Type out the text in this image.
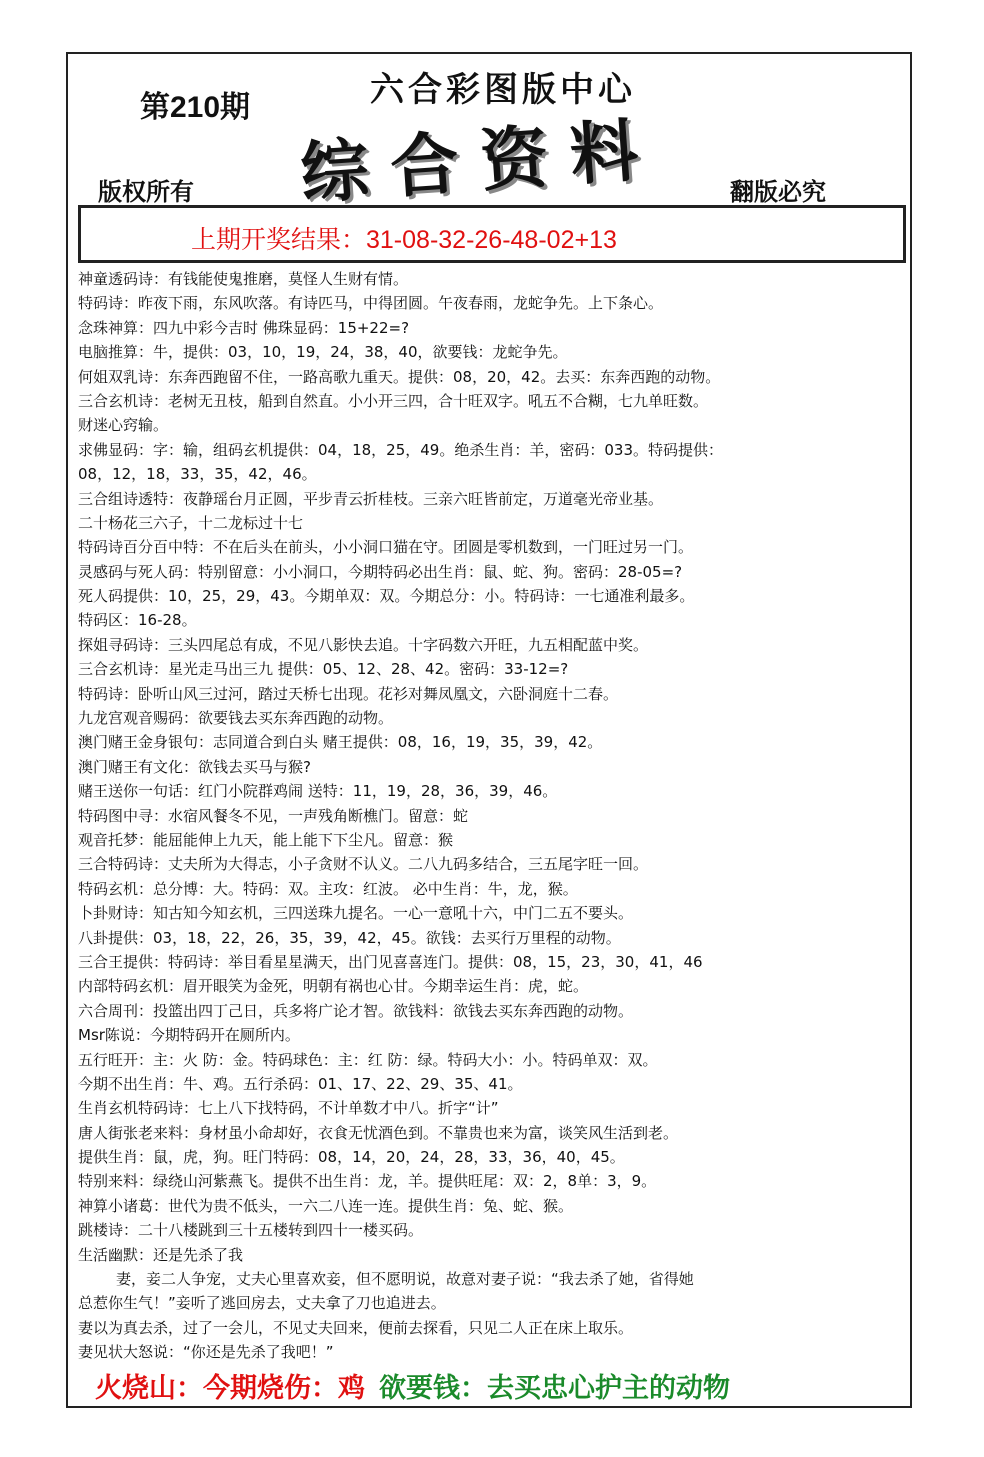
第210期	六合彩图版中心
综合资料
版权所有	翻版必究
上期开奖结果：31-08-32-26-48-02+13
神童透码诗：有钱能使鬼推磨，莫怪人生财有情。
特码诗：昨夜下雨，东风吹落。有诗匹马，中得团圆。午夜春雨，龙蛇争先。上下条心。
念珠神算：四九中彩今吉时 佛珠显码：15+22=?
电脑推算：牛，提供：03，10，19，24，38，40，欲要钱：龙蛇争先。
何姐双乳诗：东奔西跑留不住，一路高歌九重天。提供：08，20，42。去买：东奔西跑的动物。
三合玄机诗：老树无丑枝，船到自然直。小小开三四，合十旺双字。吼五不合糊，七九单旺数。
财迷心窍输。
求佛显码：字：输，组码玄机提供：04，18，25，49。绝杀生肖：羊，密码：033。特码提供：
08，12，18，33，35，42，46。
三合组诗透特：夜静瑶台月正圆，平步青云折桂枝。三亲六旺皆前定，万道毫光帝业基。
二十杨花三六子，十二龙标过十七
特码诗百分百中特：不在后头在前头，小小洞口猫在守。团圆是零机数到，一门旺过另一门。
灵感码与死人码：特别留意：小小洞口，今期特码必出生肖：鼠、蛇、狗。密码：28-05=?
死人码提供：10，25，29，43。今期单双：双。今期总分：小。特码诗：一七通准利最多。
特码区：16-28。
探姐寻码诗：三头四尾总有成，不见八影快去追。十字码数六开旺，九五相配蓝中奖。
三合玄机诗：星光走马出三九 提供：05、12、28、42。密码：33-12=?
特码诗：卧听山风三过河，踏过天桥七出现。花衫对舞凤凰文，六卧洞庭十二春。
九龙宫观音赐码：欲要钱去买东奔西跑的动物。
澳门赌王金身银句：志同道合到白头 赌王提供：08，16，19，35，39，42。
澳门赌王有文化：欲钱去买马与猴?
赌王送你一句话：红门小院群鸡闹 送特：11，19，28，36，39，46。
特码图中寻：水宿风餐冬不见，一声残角断樵门。留意：蛇
观音托梦：能屈能伸上九天，能上能下下尘凡。留意：猴
三合特码诗：丈夫所为大得志，小子贪财不认义。二八九码多结合，三五尾字旺一回。
特码玄机：总分博：大。特码：双。主攻：红波。 必中生肖：牛，龙，猴。
卜卦财诗：知古知今知玄机，三四送珠九提名。一心一意吼十六，中门二五不要头。
八卦提供：03，18，22，26，35，39，42，45。欲钱：去买行万里程的动物。
三合王提供：特码诗：举目看星星满天，出门见喜喜连门。提供：08，15，23，30，41，46
内部特码玄机：眉开眼笑为金死，明朝有祸也心甘。今期幸运生肖：虎，蛇。
六合周刊：投篮出四丁己日，兵多将广论才智。欲钱料：欲钱去买东奔西跑的动物。
Msr陈说：今期特码开在厕所内。
五行旺开：主：火 防：金。特码球色：主：红 防：绿。特码大小：小。特码单双：双。
今期不出生肖：牛、鸡。五行杀码：01、17、22、29、35、41。
生肖玄机特码诗：七上八下找特码，不计单数才中八。折字“计”
唐人街张老来料：身材虽小命却好，衣食无忧酒色到。不靠贵也来为富，谈笑风生活到老。
提供生肖：鼠，虎，狗。旺门特码：08，14，20，24，28，33，36，40，45。
特别来料：绿绕山河紫燕飞。提供不出生肖：龙，羊。提供旺尾：双：2，8单：3，9。
神算小诸葛：世代为贵不低头，一六二八连一连。提供生肖：兔、蛇、猴。
跳楼诗：二十八楼跳到三十五楼转到四十一楼买码。
生活幽默：还是先杀了我
妻，妾二人争宠，丈夫心里喜欢妾，但不愿明说，故意对妻子说：“我去杀了她，省得她
总惹你生气！”妾听了逃回房去，丈夫拿了刀也追进去。
妻以为真去杀，过了一会儿，不见丈夫回来，便前去探看，只见二人正在床上取乐。
妻见状大怒说：“你还是先杀了我吧！”
火烧山：今期烧伤：鸡 欲要钱：去买忠心护主的动物
